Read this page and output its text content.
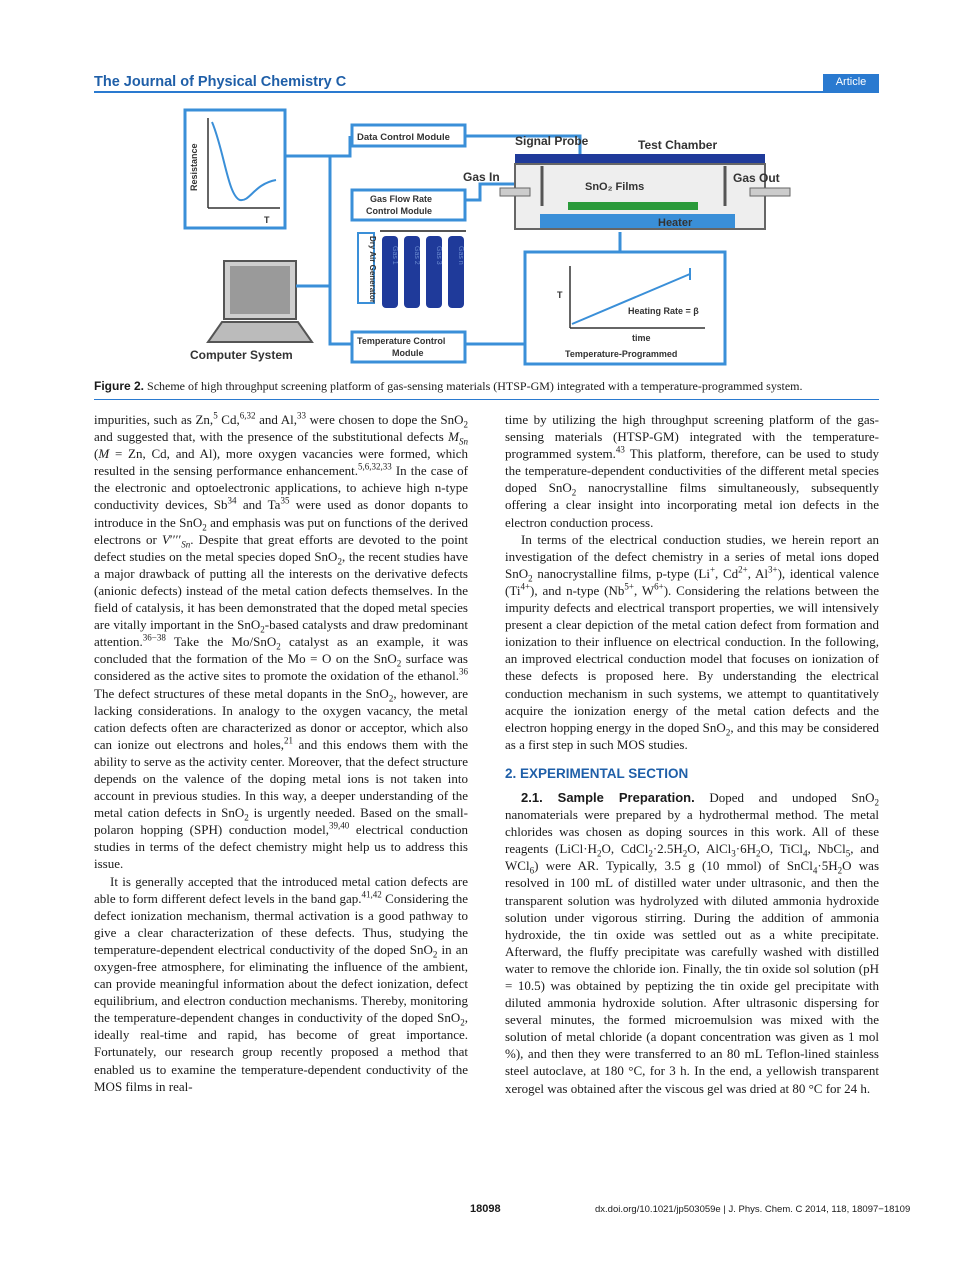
The Journal of Physical Chemistry C	Article
Resistance
T
Computer System
Data Control Module
Gas Flow Rate
Control Module
Dry Air Generator Gas 1 Gas 2 Gas 3 Gas n
Temperature Control
Module
Signal Probe	Test Chamber
Gas In	Gas Out
SnO₂ Films
Heater
T
Heating Rate = β
time
Temperature-Programmed
Figure 2. Scheme of high throughput screening platform of gas-sensing materials (HTSP-GM) integrated with a temperature-programmed system.

impurities, such as Zn,$^5$ Cd,$^{6,32}$ and Al,$^{33}$ were chosen to dope the SnO$_2$ and suggested that, with the presence of the substitutional defects $M_{Sn}$ (M = Zn, Cd, and Al), more oxygen vacancies were formed, which resulted in the sensing performance enhancement.$^{5,6,32,33}$ In the case of the electronic and optoelectronic applications, to achieve high n-type conductivity devices, Sb$^{34}$ and Ta$^{35}$ were used as donor dopants to introduce in the SnO$_2$ and emphasis was put on functions of the derived electrons or $V''''_{Sn}$. Despite that great efforts are devoted to the point defect studies on the metal species doped SnO$_2$, the recent studies have a major drawback of putting all the interests on the derivative defects (anionic defects) instead of the metal cation defects themselves. In the field of catalysis, it has been demonstrated that the doped metal species are vitally important in the SnO$_2$-based catalysts and draw predominant attention.$^{36-38}$ Take the Mo/SnO$_2$ catalyst as an example, it was concluded that the formation of the Mo = O on the SnO$_2$ surface was considered as the active sites to promote the oxidation of the ethanol.$^{36}$ The defect structures of these metal dopants in the SnO$_2$, however, are lacking considerations. In analogy to the oxygen vacancy, the metal cation defects often are characterized as donor or acceptor, which also can ionize out electrons and holes,$^{21}$ and this endows them with the ability to serve as the activity center. Moreover, that the defect structure depends on the valence of the doping metal ions is not taken into account in previous studies. In this way, a deeper understanding of the metal cation defects in SnO$_2$ is urgently needed. Based on the small-polaron hopping (SPH) conduction model,$^{39,40}$ electrical conduction studies in terms of the defect chemistry might help us to address this issue.

It is generally accepted that the introduced metal cation defects are able to form different defect levels in the band gap.$^{41,42}$ Considering the defect ionization mechanism, thermal activation is a good pathway to give a clear characterization of these defects. Thus, studying the temperature-dependent electrical conductivity of the doped SnO$_2$ in an oxygen-free atmosphere, for eliminating the influence of the ambient, can provide meaningful information about the defect ionization, defect equilibrium, and electron conduction mechanisms. Thereby, monitoring the temperature-dependent changes in conductivity of the doped SnO$_2$, ideally real-time and rapid, has become of great importance. Fortunately, our research group recently proposed a method that enabled us to examine the temperature-dependent conductivity of the MOS films in real-

time by utilizing the high throughput screening platform of the gas-sensing materials (HTSP-GM) integrated with the temperature-programmed system.$^{43}$ This platform, therefore, can be used to study the temperature-dependent conductivities of the different metal species doped SnO$_2$ nanocrystalline films simultaneously, subsequently offering a clear insight into incorporating metal ion defects in the electron conduction process.

In terms of the electrical conduction studies, we herein report an investigation of the defect chemistry in a series of metal ions doped SnO$_2$ nanocrystalline films, p-type (Li+, $Cd^{2+}$, $Al^{3+}$), identical valence $(Ti^{4+})$, and n-type ($Nb^{5+}$, $W^{6+}$). Considering the relations between the impurity defects and electrical transport properties, we will intensively present a clear depiction of the metal cation defect from formation and ionization to their influence on electrical conduction. In the following, an improved electrical conduction model that focuses on ionization of these defects is proposed here. By understanding the electrical conduction mechanism in such systems, we attempt to quantitatively acquire the ionization energy of the metal cation defects and the electron hopping energy in the doped SnO$_2$, and this may be considered as a first step in such MOS studies.

2. EXPERIMENTAL SECTION

2.1. Sample Preparation. Doped and undoped SnO$_2$ nanomaterials were prepared by a hydrothermal method. The metal chlorides was chosen as doping sources in this work. All of these reagents ($LiCl\cdot H_2O$, $CdCl_2\cdot 2.5H_2O$, $AlCl_3\cdot 6H_2O$, TiCl$_4$, NbCl$_5$, and WCl$_6$) were AR. Typically, 3.5 g (10 mmol) of $SnCl_4\cdot 5H_2O$ was resolved in 100 mL of distilled water under ultrasonic, and then the transparent solution was hydrolyzed with diluted ammonia hydroxide solution under vigorous stirring. During the addition of ammonia hydroxide, the tin oxide was settled out as a white precipitate. Afterward, the fluffy precipitate was carefully washed with distilled water to remove the chloride ion. Finally, the tin oxide sol solution (pH = 10.5) was obtained by peptizing the tin oxide gel precipitate with diluted ammonia hydroxide solution. After ultrasonic dispersing for several minutes, the formed microemulsion was mixed with the solution of metal chloride (a dopant concentration was given as 1 mol %), and then they were transferred to an 80 mL Teflon-lined stainless steel autoclave, at 180 °C, for 3 h. In the end, a yellowish transparent xerogel was obtained after the viscous gel was dried at 80 °C for 24 h.

18098	dx.doi.org/10.1021/jp503059e | J. Phys. Chem. C 2014, 118, 18097−18109
